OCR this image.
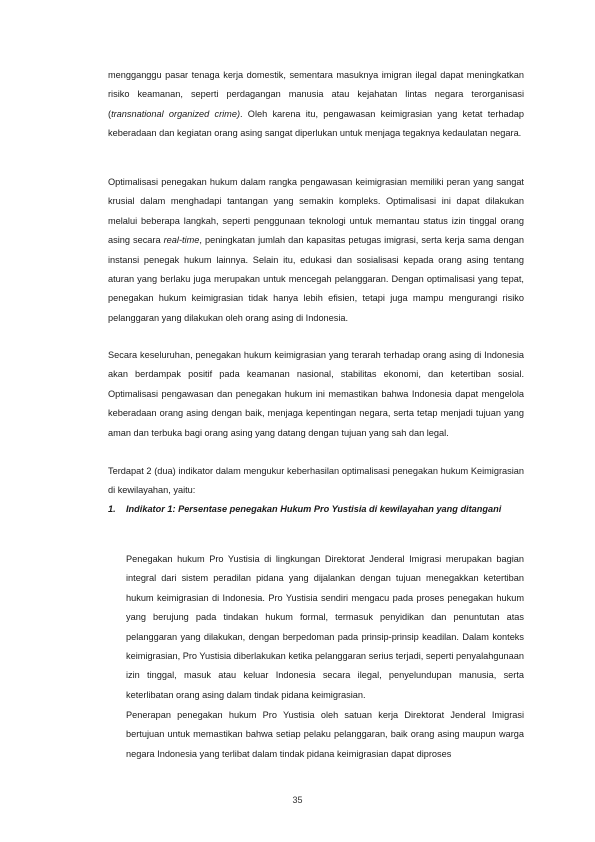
mengganggu pasar tenaga kerja domestik, sementara masuknya imigran ilegal dapat meningkatkan risiko keamanan, seperti perdagangan manusia atau kejahatan lintas negara terorganisasi (transnational organized crime). Oleh karena itu, pengawasan keimigrasian yang ketat terhadap keberadaan dan kegiatan orang asing sangat diperlukan untuk menjaga tegaknya kedaulatan negara.

Optimalisasi penegakan hukum dalam rangka pengawasan keimigrasian memiliki peran yang sangat krusial dalam menghadapi tantangan yang semakin kompleks. Optimalisasi ini dapat dilakukan melalui beberapa langkah, seperti penggunaan teknologi untuk memantau status izin tinggal orang asing secara real-time, peningkatan jumlah dan kapasitas petugas imigrasi, serta kerja sama dengan instansi penegak hukum lainnya. Selain itu, edukasi dan sosialisasi kepada orang asing tentang aturan yang berlaku juga merupakan untuk mencegah pelanggaran. Dengan optimalisasi yang tepat, penegakan hukum keimigrasian tidak hanya lebih efisien, tetapi juga mampu mengurangi risiko pelanggaran yang dilakukan oleh orang asing di Indonesia.

Secara keseluruhan, penegakan hukum keimigrasian yang terarah terhadap orang asing di Indonesia akan berdampak positif pada keamanan nasional, stabilitas ekonomi, dan ketertiban sosial. Optimalisasi pengawasan dan penegakan hukum ini memastikan bahwa Indonesia dapat mengelola keberadaan orang asing dengan baik, menjaga kepentingan negara, serta tetap menjadi tujuan yang aman dan terbuka bagi orang asing yang datang dengan tujuan yang sah dan legal.

Terdapat 2 (dua) indikator dalam mengukur keberhasilan optimalisasi penegakan hukum Keimigrasian di kewilayahan, yaitu:

1. Indikator 1: Persentase penegakan Hukum Pro Yustisia di kewilayahan yang ditangani

Penegakan hukum Pro Yustisia di lingkungan Direktorat Jenderal Imigrasi merupakan bagian integral dari sistem peradilan pidana yang dijalankan dengan tujuan menegakkan ketertiban hukum keimigrasian di Indonesia. Pro Yustisia sendiri mengacu pada proses penegakan hukum yang berujung pada tindakan hukum formal, termasuk penyidikan dan penuntutan atas pelanggaran yang dilakukan, dengan berpedoman pada prinsip-prinsip keadilan. Dalam konteks keimigrasian, Pro Yustisia diberlakukan ketika pelanggaran serius terjadi, seperti penyalahgunaan izin tinggal, masuk atau keluar Indonesia secara ilegal, penyelundupan manusia, serta keterlibatan orang asing dalam tindak pidana keimigrasian.

Penerapan penegakan hukum Pro Yustisia oleh satuan kerja Direktorat Jenderal Imigrasi bertujuan untuk memastikan bahwa setiap pelaku pelanggaran, baik orang asing maupun warga negara Indonesia yang terlibat dalam tindak pidana keimigrasian dapat diproses

35
